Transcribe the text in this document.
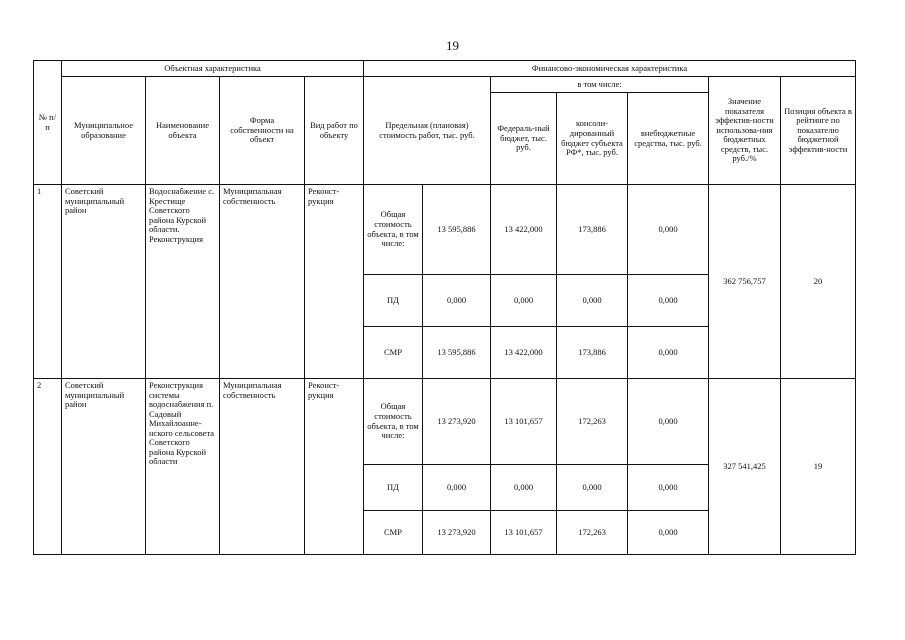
19
№ п/п	Объектная характеристика				Финансово-экономическая характеристика						
	Муниципальное образование	Наименование объекта	Форма собственности на объект	Вид работ по объекту	Предельная (плановая) стоимость работ, тыс. руб.		в том числе:			Значение показателя эффектив-ности использова-ния бюджетных средств, тыс. руб./%	Позиция объекта в рейтинге по показателю бюджетной эффектив-ности
							Федераль-ный бюджет, тыс. руб.	консоли-дированный бюджет субъекта РФ*, тыс. руб.	внебюджетные средства, тыс. руб.		
1	Советский муниципальный район	Водоснабжение с. Крестище Советского района Курской области. Реконструкция	Муниципальная собственность	Реконст-рукция	Общая стоимость объекта, в том числе:	13 595,886	13 422,000	173,886	0,000	362 756,757	20
					ПД	0,000	0,000	0,000	0,000		
					СМР	13 595,886	13 422,000	173,886	0,000		
2	Советский муниципальный район	Реконструкция системы водоснабжения п. Садовый Михайлоанне-нского сельсовета Советского района Курской области	Муниципальная собственность	Реконст-рукция	Общая стоимость объекта, в том числе:	13 273,920	13 101,657	172,263	0,000	327 541,425	19
					ПД	0,000	0,000	0,000	0,000		
					СМР	13 273,920	13 101,657	172,263	0,000		
